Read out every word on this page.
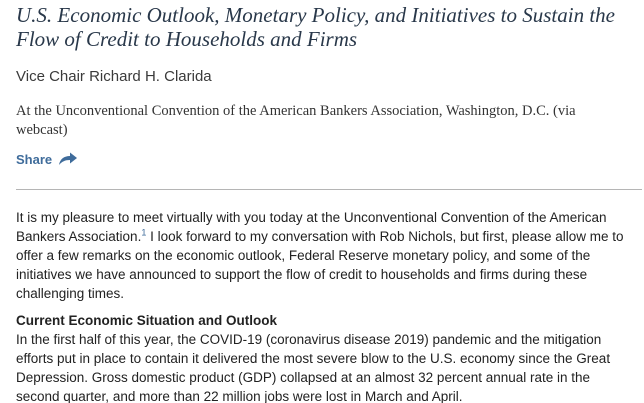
U.S. Economic Outlook, Monetary Policy, and Initiatives to Sustain the Flow of Credit to Households and Firms

Vice Chair Richard H. Clarida

At the Unconventional Convention of the American Bankers Association, Washington, D.C. (via webcast)

Share

It is my pleasure to meet virtually with you today at the Unconventional Convention of the American Bankers Association.$^1$ I look forward to my conversation with Rob Nichols, but first, please allow me to offer a few remarks on the economic outlook, Federal Reserve monetary policy, and some of the initiatives we have announced to support the flow of credit to households and firms during these challenging times.

Current Economic Situation and Outlook

In the first half of this year, the COVID-19 (coronavirus disease 2019) pandemic and the mitigation efforts put in place to contain it delivered the most severe blow to the U.S. economy since the Great Depression. Gross domestic product (GDP) collapsed at an almost 32 percent annual rate in the second quarter, and more than 22 million jobs were lost in March and April.
